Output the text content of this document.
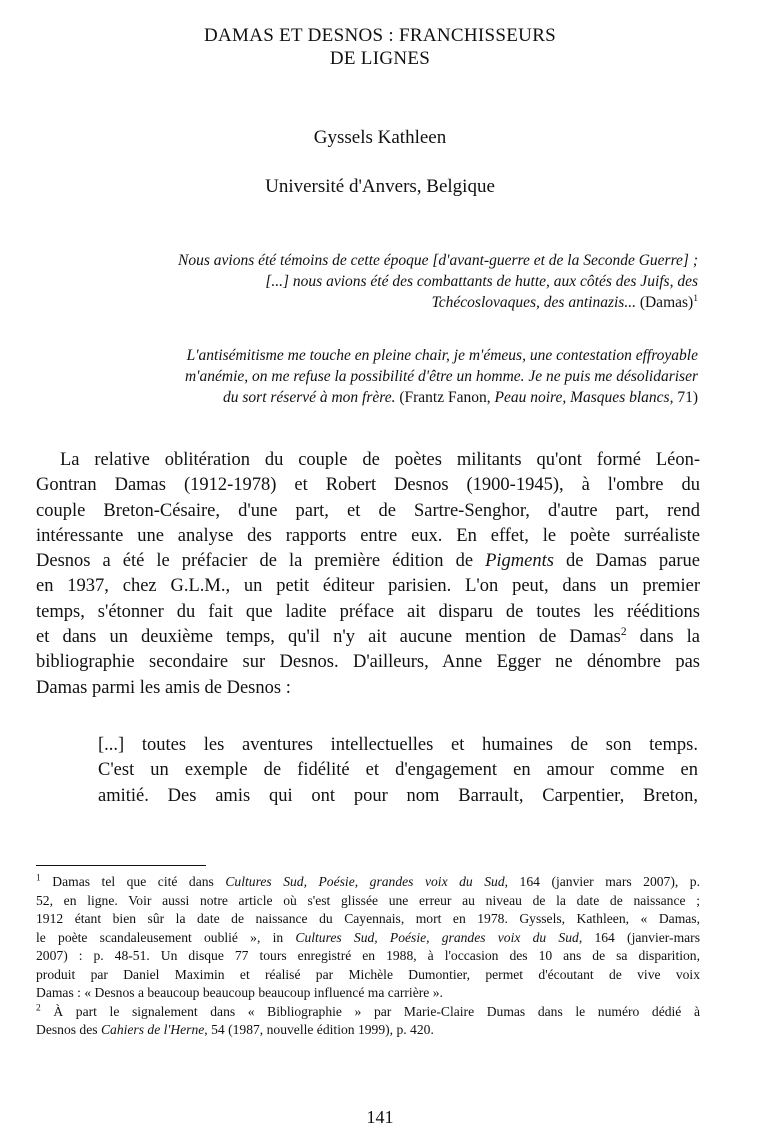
DAMAS ET DESNOS : FRANCHISSEURS
DE LIGNES
Gyssels Kathleen
Université d'Anvers, Belgique
Nous avions été témoins de cette époque [d'avant-guerre et de la Seconde Guerre] ;
[...] nous avions été des combattants de hutte, aux côtés des Juifs, des
Tchécoslovaques, des antinazis... (Damas)$^1$
L'antisémitisme me touche en pleine chair, je m'émeus, une contestation effroyable
m'anémie, on me refuse la possibilité d'être un homme. Je ne puis me désolidariser
du sort réservé à mon frère. (Frantz Fanon, Peau noire, Masques blancs, 71)
La relative oblitération du couple de poètes militants qu'ont formé Léon-
Gontran Damas (1912-1978) et Robert Desnos (1900-1945), à l'ombre du
couple Breton-Césaire, d'une part, et de Sartre-Senghor, d'autre part, rend
intéressante une analyse des rapports entre eux. En effet, le poète surréaliste
Desnos a été le préfacier de la première édition de Pigments de Damas parue
en 1937, chez G.L.M., un petit éditeur parisien. L'on peut, dans un premier
temps, s'étonner du fait que ladite préface ait disparu de toutes les rééditions
et dans un deuxième temps, qu'il n'y ait aucune mention de Damas$^2$ dans la
bibliographie secondaire sur Desnos. D'ailleurs, Anne Egger ne dénombre pas
Damas parmi les amis de Desnos :
[...] toutes les aventures intellectuelles et humaines de son temps.
C'est un exemple de fidélité et d'engagement en amour comme en
amitié. Des amis qui ont pour nom Barrault, Carpentier, Breton,
$^1$ Damas tel que cité dans Cultures Sud, Poésie, grandes voix du Sud, 164 (janvier mars 2007), p.
52, en ligne. Voir aussi notre article où s'est glissée une erreur au niveau de la date de naissance ;
1912 étant bien sûr la date de naissance du Cayennais, mort en 1978. Gyssels, Kathleen, « Damas,
le poète scandaleusement oublié », in Cultures Sud, Poésie, grandes voix du Sud, 164 (janvier-mars
2007) : p. 48-51. Un disque 77 tours enregistré en 1988, à l'occasion des 10 ans de sa disparition,
produit par Daniel Maximin et réalisé par Michèle Dumontier, permet d'écoutant de vive voix
Damas : « Desnos a beaucoup beaucoup beaucoup influencé ma carrière ».
$^2$ À part le signalement dans « Bibliographie » par Marie-Claire Dumas dans le numéro dédié à
Desnos des Cahiers de l'Herne, 54 (1987, nouvelle édition 1999), p. 420.
141
